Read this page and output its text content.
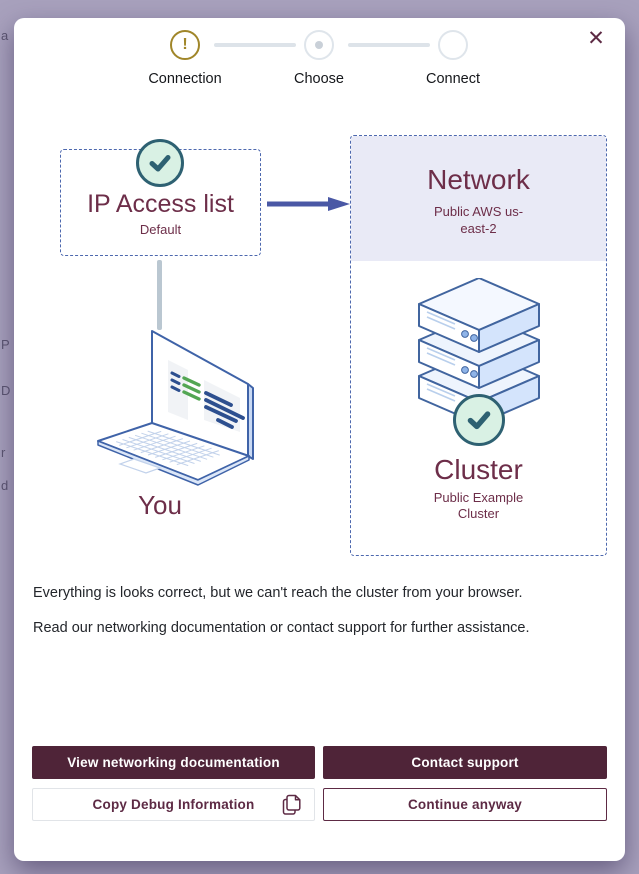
a
P
D
r
d
✕
!
Connection	Choose	Connect
IP Access list
Default
You
Network
Public AWS us-east-2
Cluster
Public Example Cluster
Everything is looks correct, but we can't reach the cluster from your browser.
Read our networking documentation or contact support for further assistance.
View networking documentation	Contact support
Copy Debug Information	Continue anyway
